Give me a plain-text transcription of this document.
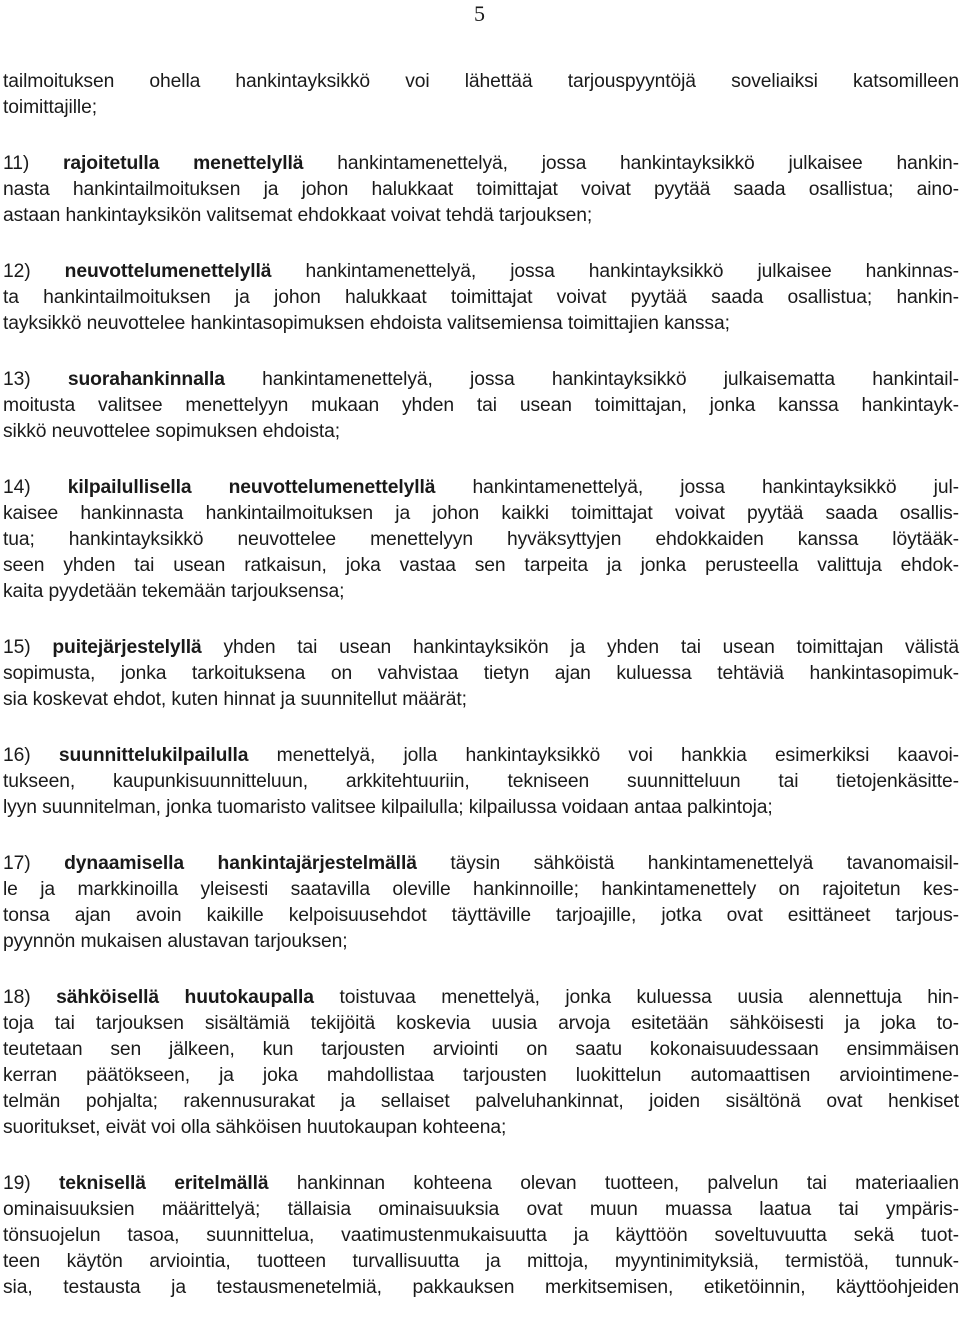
5
tailmoituksen ohella hankintayksikkö voi lähettää tarjouspyyntöjä soveliaiksi katsomilleen
toimittajille;
11) rajoitetulla menettelyllä hankintamenettelyä, jossa hankintayksikkö julkaisee hankin-
nasta hankintailmoituksen ja johon halukkaat toimittajat voivat pyytää saada osallistua; aino-
astaan hankintayksikön valitsemat ehdokkaat voivat tehdä tarjouksen;
12) neuvottelumenettelyllä hankintamenettelyä, jossa hankintayksikkö julkaisee hankinnas-
ta hankintailmoituksen ja johon halukkaat toimittajat voivat pyytää saada osallistua; hankin-
tayksikkö neuvottelee hankintasopimuksen ehdoista valitsemiensa toimittajien kanssa;
13) suorahankinnalla hankintamenettelyä, jossa hankintayksikkö julkaisematta hankintail-
moitusta valitsee menettelyyn mukaan yhden tai usean toimittajan, jonka kanssa hankintayk-
sikkö neuvottelee sopimuksen ehdoista;
14) kilpailullisella neuvottelumenettelyllä hankintamenettelyä, jossa hankintayksikkö jul-
kaisee hankinnasta hankintailmoituksen ja johon kaikki toimittajat voivat pyytää saada osallis-
tua; hankintayksikkö neuvottelee menettelyyn hyväksyttyjen ehdokkaiden kanssa löytääk-
seen yhden tai usean ratkaisun, joka vastaa sen tarpeita ja jonka perusteella valittuja ehdok-
kaita pyydetään tekemään tarjouksensa;
15) puitejärjestelyllä yhden tai usean hankintayksikön ja yhden tai usean toimittajan välistä
sopimusta, jonka tarkoituksena on vahvistaa tietyn ajan kuluessa tehtäviä hankintasopimuk-
sia koskevat ehdot, kuten hinnat ja suunnitellut määrät;
16) suunnittelukilpailulla menettelyä, jolla hankintayksikkö voi hankkia esimerkiksi kaavoi-
tukseen, kaupunkisuunnitteluun, arkkitehtuuriin, tekniseen suunnitteluun tai tietojenkäsitte-
lyyn suunnitelman, jonka tuomaristo valitsee kilpailulla; kilpailussa voidaan antaa palkintoja;
17) dynaamisella hankintajärjestelmällä täysin sähköistä hankintamenettelyä tavanomaisil-
le ja markkinoilla yleisesti saatavilla oleville hankinnoille; hankintamenettely on rajoitetun kes-
tonsa ajan avoin kaikille kelpoisuusehdot täyttäville tarjoajille, jotka ovat esittäneet tarjous-
pyynnön mukaisen alustavan tarjouksen;
18) sähköisellä huutokaupalla toistuvaa menettelyä, jonka kuluessa uusia alennettuja hin-
toja tai tarjouksen sisältämiä tekijöitä koskevia uusia arvoja esitetään sähköisesti ja joka to-
teutetaan sen jälkeen, kun tarjousten arviointi on saatu kokonaisuudessaan ensimmäisen
kerran päätökseen, ja joka mahdollistaa tarjousten luokittelun automaattisen arviointimene-
telmän pohjalta; rakennusurakat ja sellaiset palveluhankinnat, joiden sisältönä ovat henkiset
suoritukset, eivät voi olla sähköisen huutokaupan kohteena;
19) teknisellä eritelmällä hankinnan kohteena olevan tuotteen, palvelun tai materiaalien
ominaisuuksien määrittelyä; tällaisia ominaisuuksia ovat muun muassa laatua tai ympäris-
tönsuojelun tasoa, suunnittelua, vaatimustenmukaisuutta ja käyttöön soveltuvuutta sekä tuot-
teen käytön arviointia, tuotteen turvallisuutta ja mittoja, myyntinimityksiä, termistöä, tunnuk-
sia, testausta ja testausmenetelmiä, pakkauksen merkitsemisen, etiketöinnin, käyttöohjeiden
